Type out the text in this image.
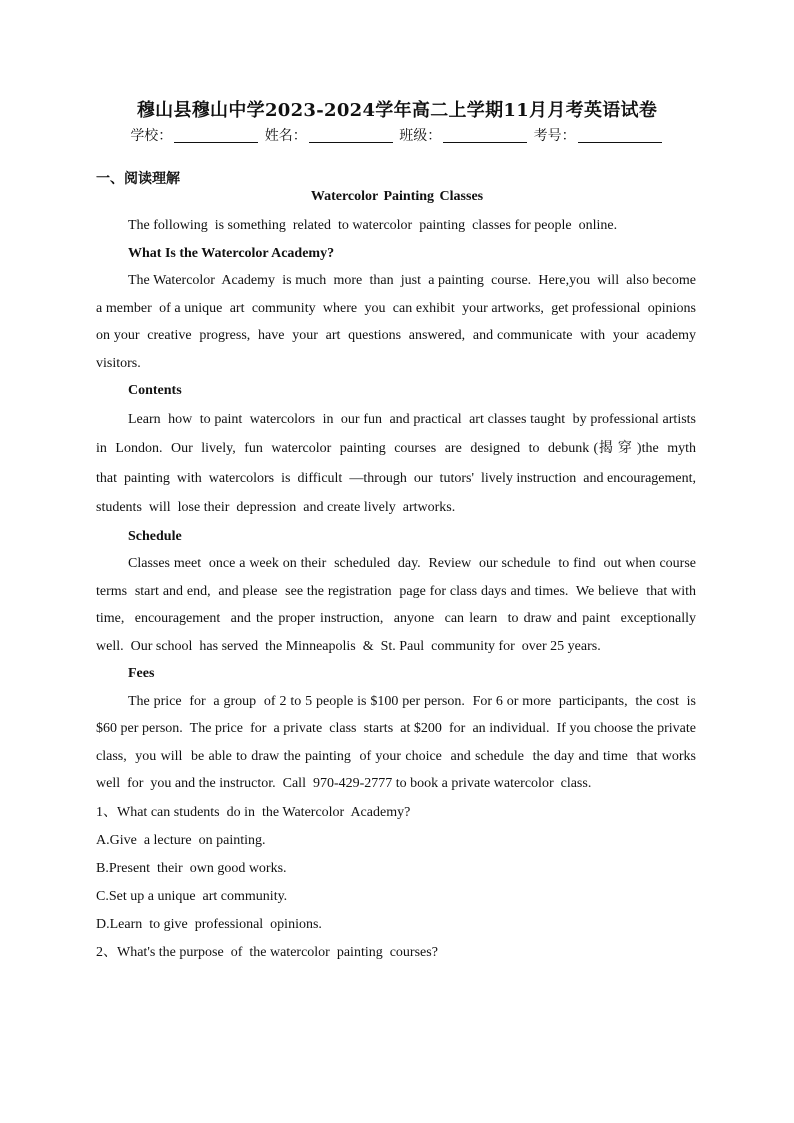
穆山县穆山中学2023-2024学年高二上学期11月月考英语试卷
学校：	姓名：	班级：	考号：
一、阅读理解
Watercolor Painting Classes

The following  is something  related  to watercolor  painting  classes for people  online.

What Is the Watercolor Academy?

The Watercolor  Academy  is much  more  than  just  a painting  course.  Here,you  will  also become  a member  of a unique  art  community  where  you  can exhibit  your artworks,  get professional  opinions  on your  creative  progress,  have  your  art  questions  answered,  and communicate  with  your  academy  visitors.

Contents

Learn  how  to paint  watercolors  in  our fun  and practical  art classes taught  by professional artists  in  London.  Our  lively,  fun  watercolor  painting  courses  are  designed  to  debunk (揭 穿 )the  myth  that  painting  with  watercolors  is  difficult  —through  our  tutors'  lively instruction  and encouragement,  students  will  lose their  depression  and create lively  artworks.

Schedule

Classes meet  once a week on their  scheduled  day.  Review  our schedule  to find  out when course  terms  start and end,  and please  see the registration  page for class days and times.  We believe  that with  time,  encouragement  and the proper instruction,  anyone  can learn  to draw and paint  exceptionally  well.  Our school  has served  the Minneapolis  &  St. Paul  community for  over 25 years.

Fees

The price  for  a group  of 2 to 5 people is $100 per person.  For 6 or more  participants,  the cost  is  $60 per person.  The price  for  a private  class  starts  at $200  for  an individual.  If you choose the private  class,  you will  be able to draw the painting  of your choice  and schedule  the day and time  that works well  for  you and the instructor.  Call  970-429-2777 to book a private watercolor  class.

1、What can students  do in  the Watercolor  Academy?

A.Give  a lecture  on painting.

B.Present  their  own good works.

C.Set up a unique  art community.

D.Learn  to give  professional  opinions.

2、What's the purpose  of  the watercolor  painting  courses?
